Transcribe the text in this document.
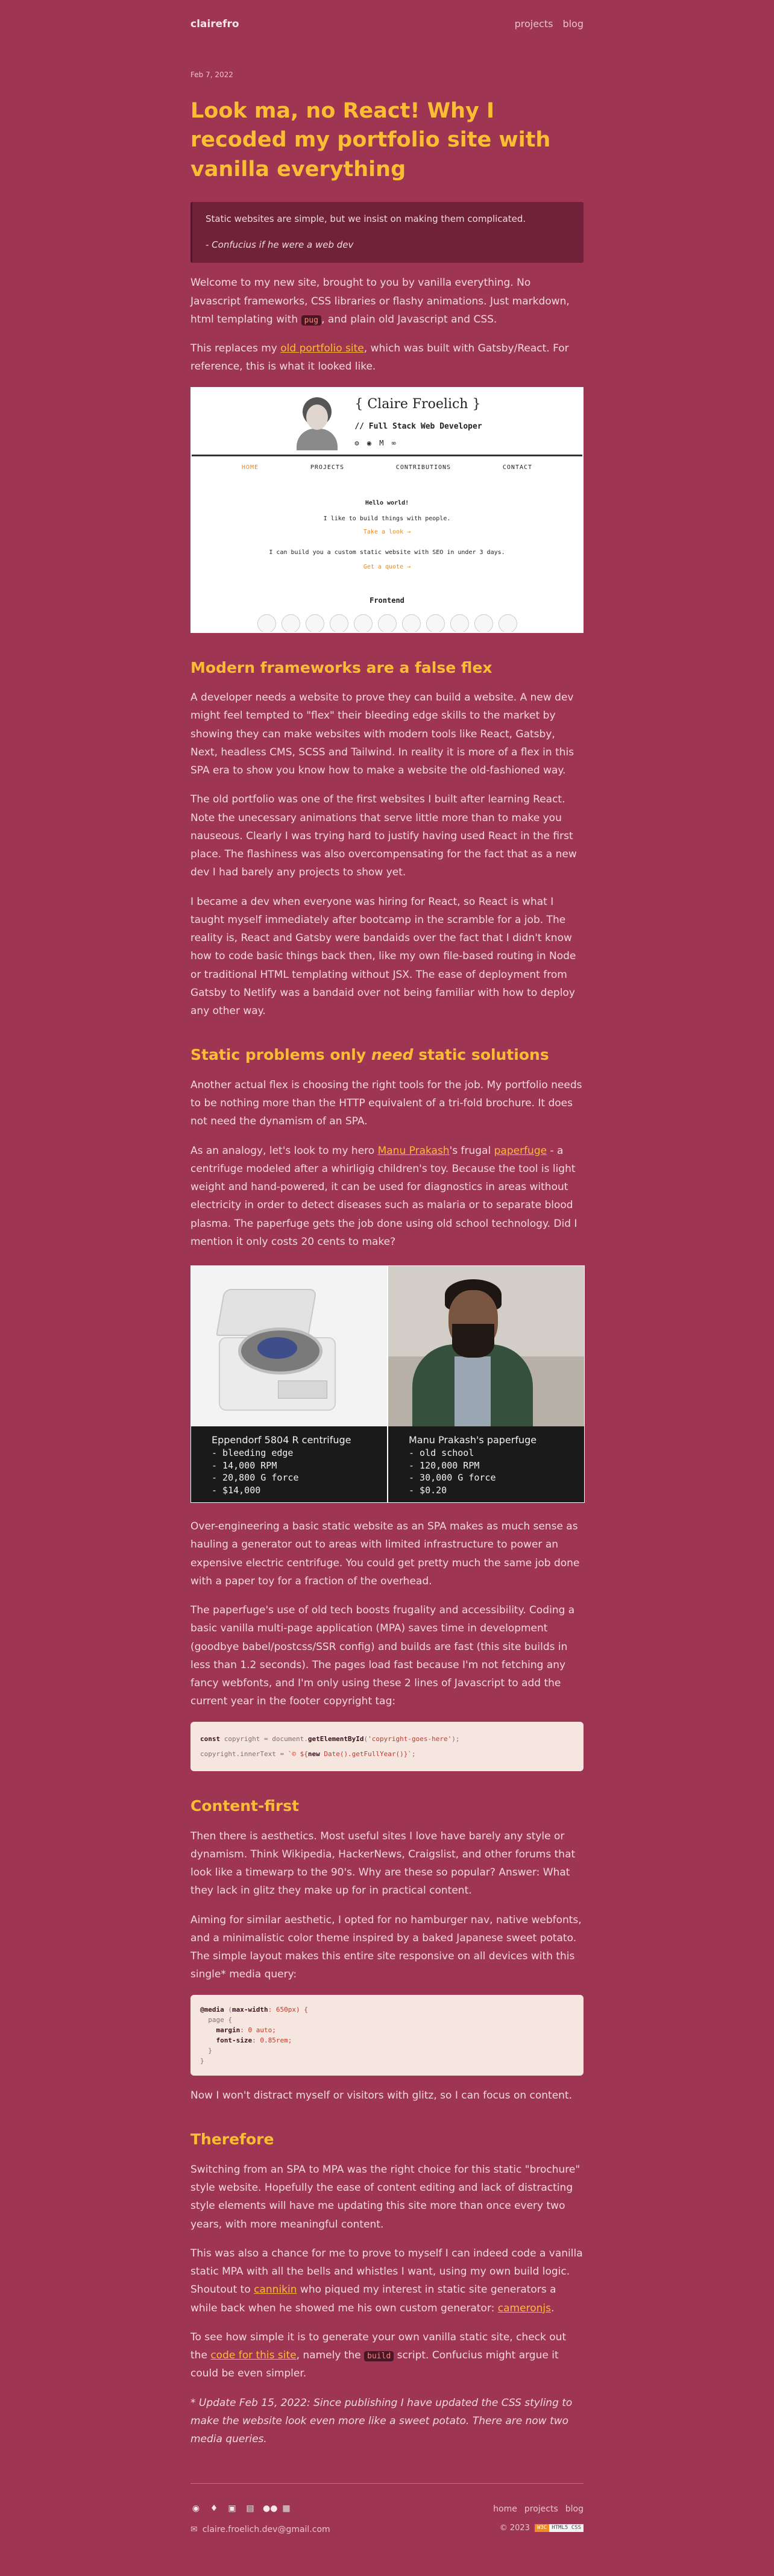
clairefro	projects blog
Feb 7, 2022
Look ma, no React! Why I recoded my portfolio site with vanilla everything

Static websites are simple, but we insist on making them complicated.

- Confucius if he were a web dev

Welcome to my new site, brought to you by vanilla everything. No Javascript frameworks, CSS libraries or flashy animations. Just markdown, html templating with pug , and plain old Javascript and CSS.

This replaces my old portfolio site, which was built with Gatsby/React. For reference, this is what it looked like.

{ Claire Froelich }
// Full Stack Web Developer
⚙ ◉ M ∞
HOME	PROJECTS	CONTRIBUTIONS	CONTACT
Hello world!
I like to build things with people.
Take a look →
I can build you a custom static website with SEO in under 3 days.
Get a quote →
Frontend
Modern frameworks are a false flex

A developer needs a website to prove they can build a website. A new dev might feel tempted to "flex" their bleeding edge skills to the market by showing they can make websites with modern tools like React, Gatsby, Next, headless CMS, SCSS and Tailwind. In reality it is more of a flex in this SPA era to show you know how to make a website the old-fashioned way.

The old portfolio was one of the first websites I built after learning React. Note the unecessary animations that serve little more than to make you nauseous. Clearly I was trying hard to justify having used React in the first place. The flashiness was also overcompensating for the fact that as a new dev I had barely any projects to show yet.

I became a dev when everyone was hiring for React, so React is what I taught myself immediately after bootcamp in the scramble for a job. The reality is, React and Gatsby were bandaids over the fact that I didn't know how to code basic things back then, like my own file-based routing in Node or traditional HTML templating without JSX. The ease of deployment from Gatsby to Netlify was a bandaid over not being familiar with how to deploy any other way.

Static problems only need static solutions

Another actual flex is choosing the right tools for the job. My portfolio needs to be nothing more than the HTTP equivalent of a tri-fold brochure. It does not need the dynamism of an SPA.

As an analogy, let's look to my hero Manu Prakash's frugal paperfuge - a centrifuge modeled after a whirligig children's toy. Because the tool is light weight and hand-powered, it can be used for diagnostics in areas without electricity in order to detect diseases such as malaria or to separate blood plasma. The paperfuge gets the job done using old school technology. Did I mention it only costs 20 cents to make?

Eppendorf 5804 R centrifuge
- bleeding edge
- 14,000 RPM
- 20,800 G force
- $14,000
Manu Prakash's paperfuge
- old school
- 120,000 RPM
- 30,000 G force
- $0.20

Over-engineering a basic static website as an SPA makes as much sense as hauling a generator out to areas with limited infrastructure to power an expensive electric centrifuge. You could get pretty much the same job done with a paper toy for a fraction of the overhead.

The paperfuge's use of old tech boosts frugality and accessibility. Coding a basic vanilla multi-page application (MPA) saves time in development (goodbye babel/postcss/SSR config) and builds are fast (this site builds in less than 1.2 seconds). The pages load fast because I'm not fetching any fancy webfonts, and I'm only using these 2 lines of Javascript to add the current year in the footer copyright tag:

const copyright = document.getElementById('copyright-goes-here');
copyright.innerText = `© ${new Date().getFullYear()}`;
Content-first

Then there is aesthetics. Most useful sites I love have barely any style or dynamism. Think Wikipedia, HackerNews, Craigslist, and other forums that look like a timewarp to the 90's. Why are these so popular? Answer: What they lack in glitz they make up for in practical content.

Aiming for similar aesthetic, I opted for no hamburger nav, native webfonts, and a minimalistic color theme inspired by a baked Japanese sweet potato. The simple layout makes this entire site responsive on all devices with this single* media query:

@media (max-width: 650px) {
page {
margin: 0 auto;
font-size: 0.85rem;
}
}

Now I won't distract myself or visitors with glitz, so I can focus on content.

Therefore

Switching from an SPA to MPA was the right choice for this static "brochure" style website. Hopefully the ease of content editing and lack of distracting style elements will have me updating this site more than once every two years, with more meaningful content.

This was also a chance for me to prove to myself I can indeed code a vanilla static MPA with all the bells and whistles I want, using my own build logic. Shoutout to cannikin who piqued my interest in static site generators a while back when he showed me his own custom generator: cameronjs.

To see how simple it is to generate your own vanilla static site, check out the code for this site, namely the build script. Confucius might argue it could be even simpler.

* Update Feb 15, 2022: Since publishing I have updated the CSS styling to make the website look even more like a sweet potato. There are now two media queries.

◉ ♦ ▣ ▤ ●● ▦
✉ claire.froelich.dev@gmail.com
home projects blog
© 2023	W3C HTML5 CSS
